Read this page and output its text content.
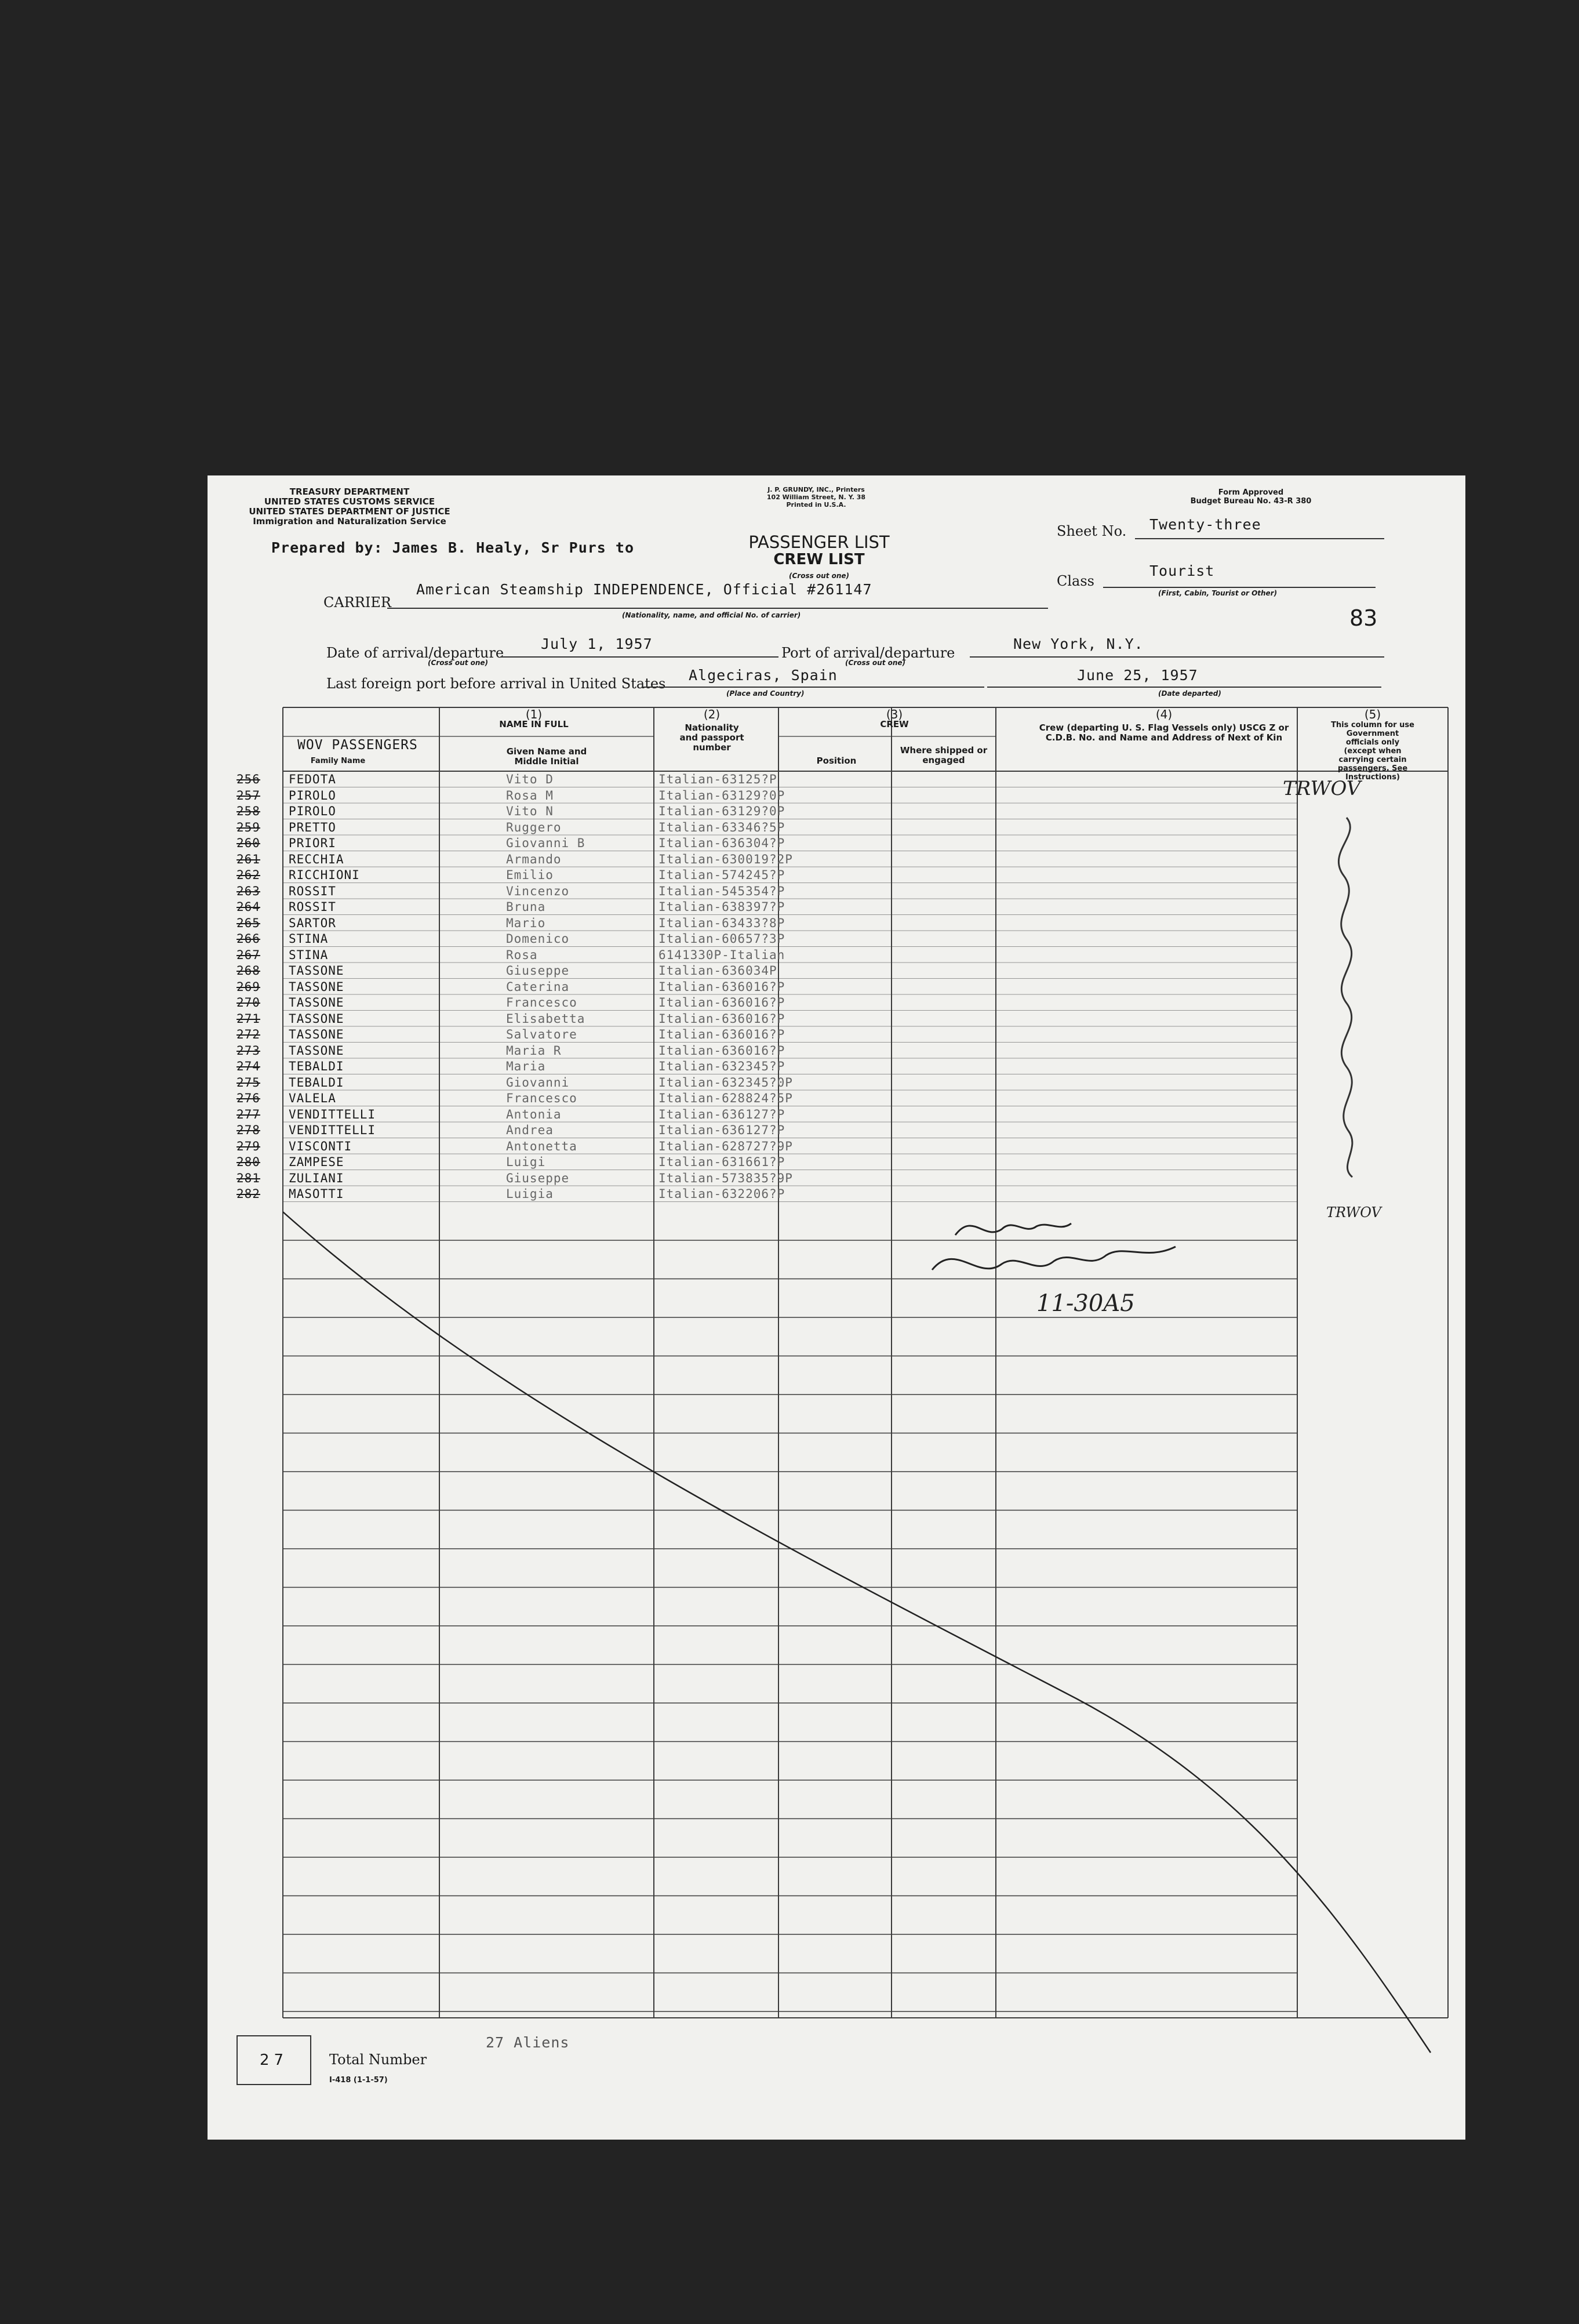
TREASURY DEPARTMENT
UNITED STATES CUSTOMS SERVICE
UNITED STATES DEPARTMENT OF JUSTICE
Immigration and Naturalization Service
J. P. GRUNDY, INC., Printers
102 William Street, N. Y. 38
Printed in U.S.A.
Form Approved
Budget Bureau No. 43-R 380
Prepared by: James B. Healy, Sr Purs to	PASSENGER LIST
CREW LIST
(Cross out one)
Sheet No. Twenty-three
Class
Tourist
(First, Cabin, Tourist or Other)
83
CARRIER
American Steamship INDEPENDENCE, Official #261147
(Nationality, name, and official No. of carrier)
Date of arrival/departure
July 1, 1957
(Cross out one)
Port of arrival/departure
New York, N.Y.
(Cross out one)
Last foreign port before arrival in United States Algeciras, Spain
(Place and Country)
June 25, 1957
(Date departed)
(1)
NAME IN FULL
WOV PASSENGERS
Family Name
Given Name and Middle Initial
(2)
Nationality and passport number
(3)
CREW
Position
Where shipped or engaged
(4)
Crew (departing U. S. Flag Vessels only) USCG Z or C.D.B. No. and Name and Address of Next of Kin
(5)
This column for use Government officials only (except when carrying certain passengers. See Instructions)
256 FEDOTA	Vito D	Italian-63125?P
257 PIROLO	Rosa M	Italian-63129?0P
258 PIROLO	Vito N	Italian-63129?0P
259 PRETTO	Ruggero	Italian-63346?5P
260 PRIORI	Giovanni B	Italian-636304?P
261 RECCHIA	Armando	Italian-630019?2P
262 RICCHIONI	Emilio	Italian-574245?P
263 ROSSIT	Vincenzo	Italian-545354?P
264 ROSSIT	Bruna	Italian-638397?P
265 SARTOR	Mario	Italian-63433?8P
266 STINA	Domenico	Italian-60657?3P
267 STINA	Rosa	6141330P-Italian
268 TASSONE	Giuseppe	Italian-636034P
269 TASSONE	Caterina	Italian-636016?P
270 TASSONE	Francesco	Italian-636016?P
271 TASSONE	Elisabetta	Italian-636016?P
272 TASSONE	Salvatore	Italian-636016?P
273 TASSONE	Maria R	Italian-636016?P
274 TEBALDI	Maria	Italian-632345?P
275 TEBALDI	Giovanni	Italian-632345?0P
276 VALELA	Francesco	Italian-628824?5P
277 VENDITTELLI	Antonia	Italian-636127?P
278 VENDITTELLI	Andrea	Italian-636127?P
279 VISCONTI	Antonetta	Italian-628727?9P
280 ZAMPESE	Luigi	Italian-631661?P
281 ZULIANI	Giuseppe	Italian-573835?9P
282 MASOTTI	Luigia	Italian-632206?P
TRWOV
TRWOV
11-30A5
27	Total Number
27 Aliens
I-418 (1-1-57)
